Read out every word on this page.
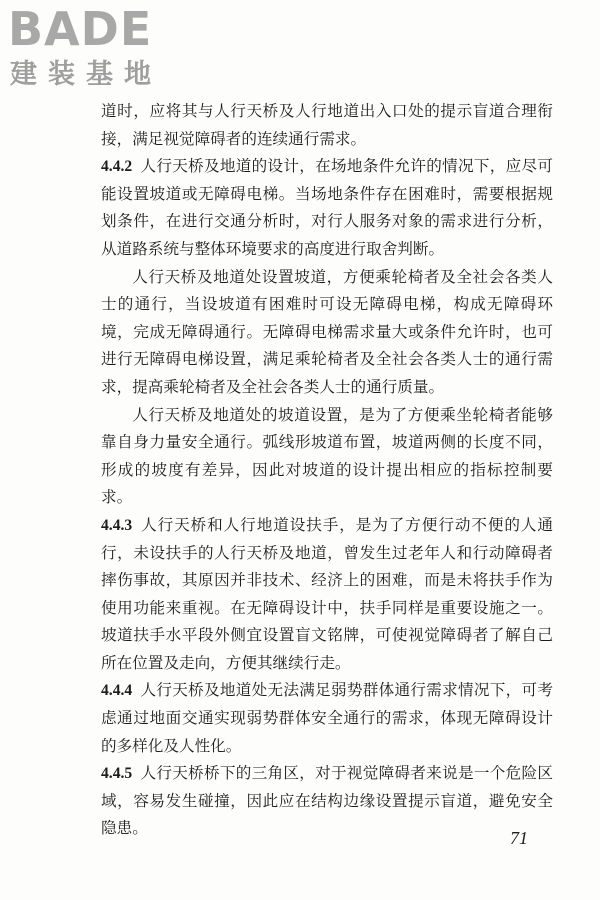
BADE
建装基地

道时，应将其与人行天桥及人行地道出入口处的提示盲道合理衔接，满足视觉障碍者的连续通行需求。

4.4.2 人行天桥及地道的设计，在场地条件允许的情况下，应尽可能设置坡道或无障碍电梯。当场地条件存在困难时，需要根据规划条件，在进行交通分析时，对行人服务对象的需求进行分析，从道路系统与整体环境要求的高度进行取舍判断。

人行天桥及地道处设置坡道，方便乘轮椅者及全社会各类人士的通行，当设坡道有困难时可设无障碍电梯，构成无障碍环境，完成无障碍通行。无障碍电梯需求量大或条件允许时，也可进行无障碍电梯设置，满足乘轮椅者及全社会各类人士的通行需求，提高乘轮椅者及全社会各类人士的通行质量。

人行天桥及地道处的坡道设置，是为了方便乘坐轮椅者能够靠自身力量安全通行。弧线形坡道布置，坡道两侧的长度不同，形成的坡度有差异，因此对坡道的设计提出相应的指标控制要求。

4.4.3 人行天桥和人行地道设扶手，是为了方便行动不便的人通行，未设扶手的人行天桥及地道，曾发生过老年人和行动障碍者摔伤事故，其原因并非技术、经济上的困难，而是未将扶手作为使用功能来重视。在无障碍设计中，扶手同样是重要设施之一。坡道扶手水平段外侧宜设置盲文铭牌，可使视觉障碍者了解自己所在位置及走向，方便其继续行走。

4.4.4 人行天桥及地道处无法满足弱势群体通行需求情况下，可考虑通过地面交通实现弱势群体安全通行的需求，体现无障碍设计的多样化及人性化。

4.4.5 人行天桥桥下的三角区，对于视觉障碍者来说是一个危险区域，容易发生碰撞，因此应在结构边缘设置提示盲道，避免安全隐患。	71
